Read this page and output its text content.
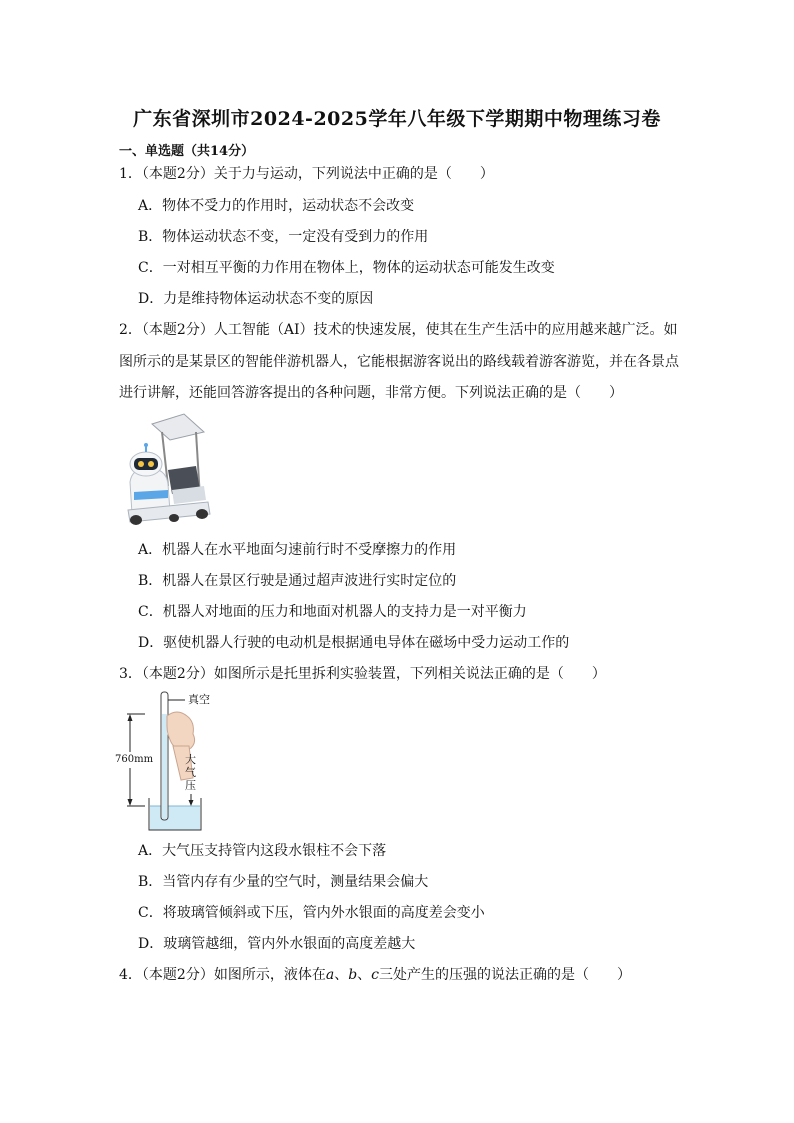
广东省深圳市2024-2025学年八年级下学期期中物理练习卷
一、单选题（共14分）
1．（本题2分）关于力与运动，下列说法中正确的是（　　）
A．物体不受力的作用时，运动状态不会改变
B．物体运动状态不变，一定没有受到力的作用
C．一对相互平衡的力作用在物体上，物体的运动状态可能发生改变
D．力是维持物体运动状态不变的原因
2．（本题2分）人工智能（AI）技术的快速发展，使其在生产生活中的应用越来越广泛。如
图所示的是某景区的智能伴游机器人，它能根据游客说出的路线载着游客游览，并在各景点
进行讲解，还能回答游客提出的各种问题，非常方便。下列说法正确的是（　　）
A．机器人在水平地面匀速前行时不受摩擦力的作用
B．机器人在景区行驶是通过超声波进行实时定位的
C．机器人对地面的压力和地面对机器人的支持力是一对平衡力
D．驱使机器人行驶的电动机是根据通电导体在磁场中受力运动工作的
3．（本题2分）如图所示是托里拆利实验装置，下列相关说法正确的是（　　）
真空
760mm	大气压
A．大气压支持管内这段水银柱不会下落
B．当管内存有少量的空气时，测量结果会偏大
C．将玻璃管倾斜或下压，管内外水银面的高度差会变小
D．玻璃管越细，管内外水银面的高度差越大
4．（本题2分）如图所示，液体在a、b、c三处产生的压强的说法正确的是（　　）
